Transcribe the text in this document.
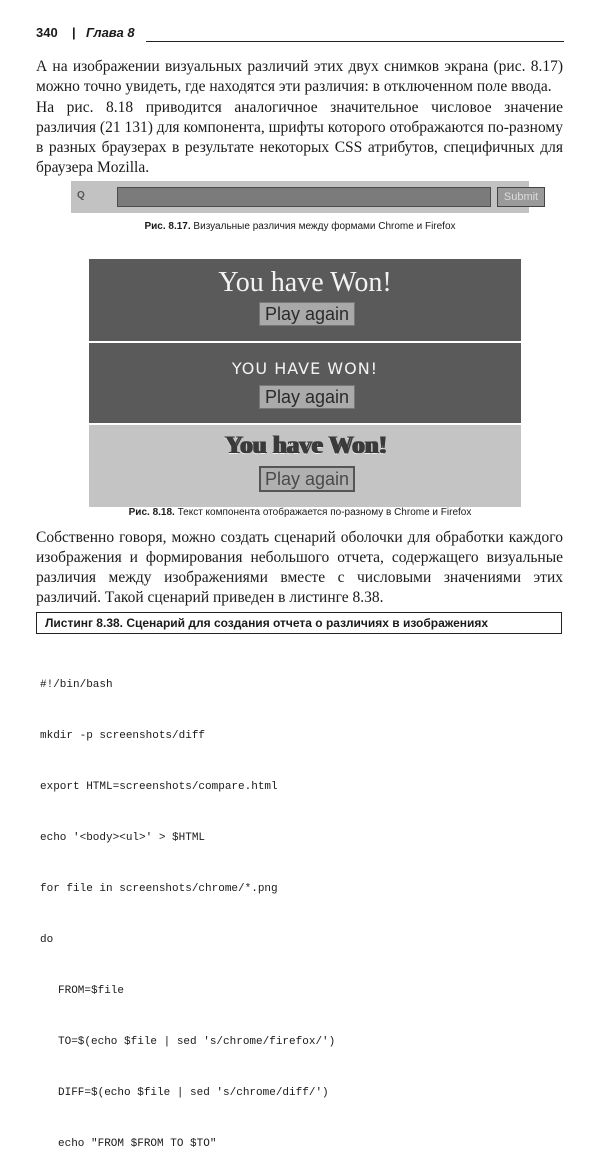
340 | Глава 8

А на изображении визуальных различий этих двух снимков экрана (рис. 8.17) можно точно увидеть, где находятся эти различия: в отключенном поле ввода.

На рис. 8.18 приводится аналогичное значительное числовое значение различия (21 131) для компонента, шрифты которого отображаются по-разному в разных браузерах в результате некоторых CSS атрибутов, специфичных для браузера Mozilla.

Q	Submit
Рис. 8.17. Визуальные различия между формами Chrome и Firefox
You have Won!
Play again
YOU HAVE WON!
Play again
You have Won!
Play again
Рис. 8.18. Текст компонента отображается по-разному в Chrome и Firefox

Собственно говоря, можно создать сценарий оболочки для обработки каждого изображения и формирования небольшого отчета, содержащего визуальные различия между изображениями вместе с числовыми значениями этих различий. Такой сценарий приведен в листинге 8.38.

Листинг 8.38. Сценарий для создания отчета о различиях в изображениях

#!/bin/bash

mkdir -p screenshots/diff

export HTML=screenshots/compare.html

echo '<body><ul>' > $HTML

for file in screenshots/chrome/*.png

do

FROM=$file

TO=$(echo $file | sed 's/chrome/firefox/')

DIFF=$(echo $file | sed 's/chrome/diff/')

echo "FROM $FROM TO $TO"
